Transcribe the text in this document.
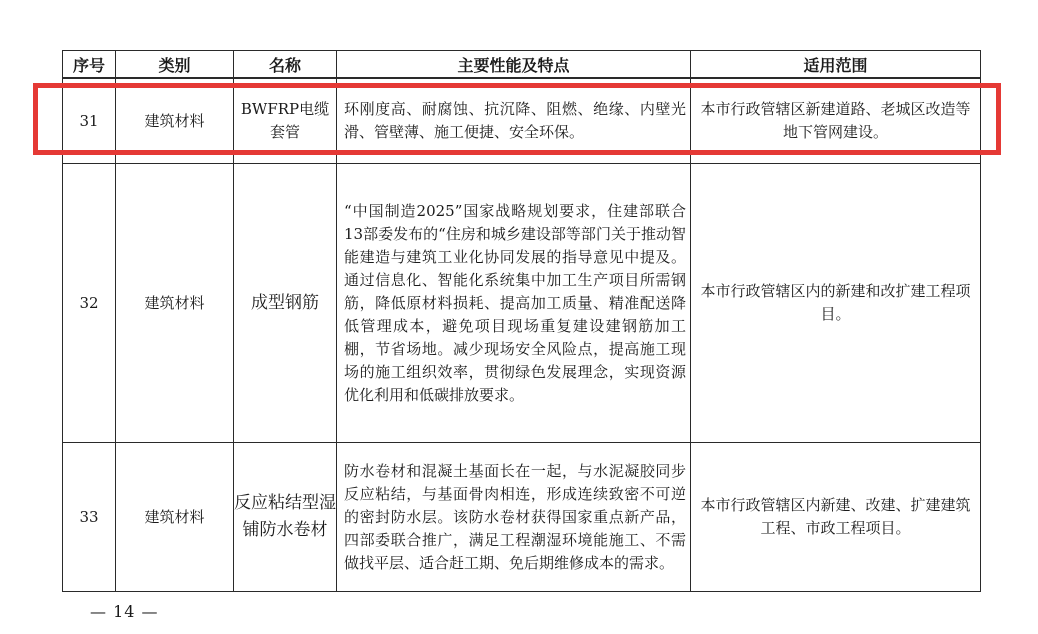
序号	类别	名称	主要性能及特点	适用范围
31	建筑材料	BWFRP电缆套管	环刚度高、耐腐蚀、抗沉降、阻燃、绝缘、内壁光滑、管壁薄、施工便捷、安全环保。	本市行政管辖区新建道路、老城区改造等地下管网建设。
32	建筑材料	成型钢筋	“中国制造2025”国家战略规划要求，住建部联合13部委发布的“住房和城乡建设部等部门关于推动智能建造与建筑工业化协同发展的指导意见中提及。通过信息化、智能化系统集中加工生产项目所需钢筋，降低原材料损耗、提高加工质量、精准配送降低管理成本，避免项目现场重复建设建钢筋加工棚，节省场地。减少现场安全风险点，提高施工现场的施工组织效率，贯彻绿色发展理念，实现资源优化利用和低碳排放要求。	本市行政管辖区内的新建和改扩建工程项目。
33	建筑材料	反应粘结型湿铺防水卷材	防水卷材和混凝土基面长在一起，与水泥凝胶同步反应粘结，与基面骨肉相连，形成连续致密不可逆的密封防水层。该防水卷材获得国家重点新产品，四部委联合推广，满足工程潮湿环境能施工、不需做找平层、适合赶工期、免后期维修成本的需求。	本市行政管辖区内新建、改建、扩建建筑工程、市政工程项目。
— 14 —
